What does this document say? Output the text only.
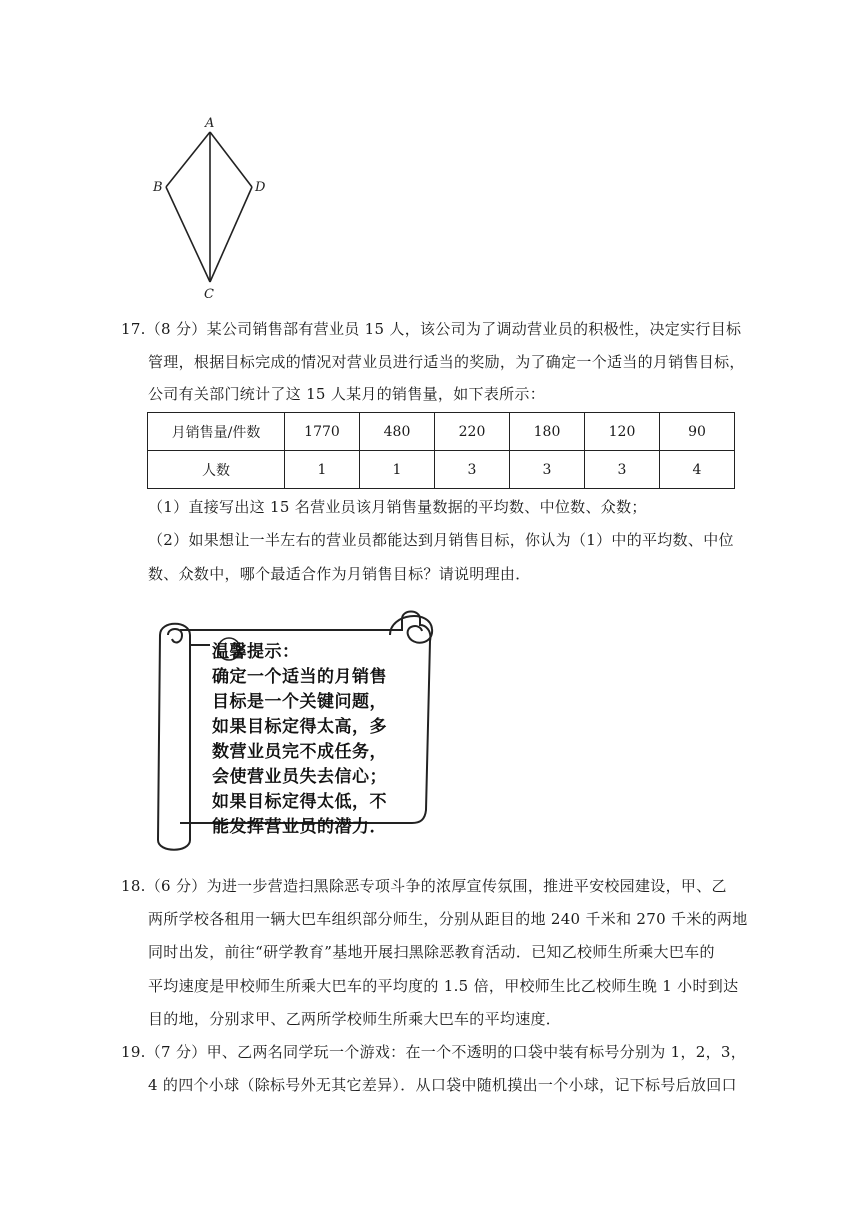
A
B	D
C
17.（8 分）某公司销售部有营业员 15 人，该公司为了调动营业员的积极性，决定实行目标
管理，根据目标完成的情况对营业员进行适当的奖励，为了确定一个适当的月销售目标，
公司有关部门统计了这 15 人某月的销售量，如下表所示：
月销售量/件数	1770	480	220	180	120	90
人数	1	1	3	3	3	4
（1）直接写出这 15 名营业员该月销售量数据的平均数、中位数、众数；
（2）如果想让一半左右的营业员都能达到月销售目标，你认为（1）中的平均数、中位
数、众数中，哪个最适合作为月销售目标？请说明理由．
温馨提示：
确定一个适当的月销售
目标是一个关键问题，
如果目标定得太高，多
数营业员完不成任务，
会使营业员失去信心；
如果目标定得太低，不
能发挥营业员的潜力．
18.（6 分）为进一步营造扫黑除恶专项斗争的浓厚宣传氛围，推进平安校园建设，甲、乙
两所学校各租用一辆大巴车组织部分师生，分别从距目的地 240 千米和 270 千米的两地
同时出发，前往“研学教育”基地开展扫黑除恶教育活动．已知乙校师生所乘大巴车的
平均速度是甲校师生所乘大巴车的平均度的 1.5 倍，甲校师生比乙校师生晚 1 小时到达
目的地，分别求甲、乙两所学校师生所乘大巴车的平均速度．
19.（7 分）甲、乙两名同学玩一个游戏：在一个不透明的口袋中装有标号分别为 1，2，3，
4 的四个小球（除标号外无其它差异）．从口袋中随机摸出一个小球，记下标号后放回口
